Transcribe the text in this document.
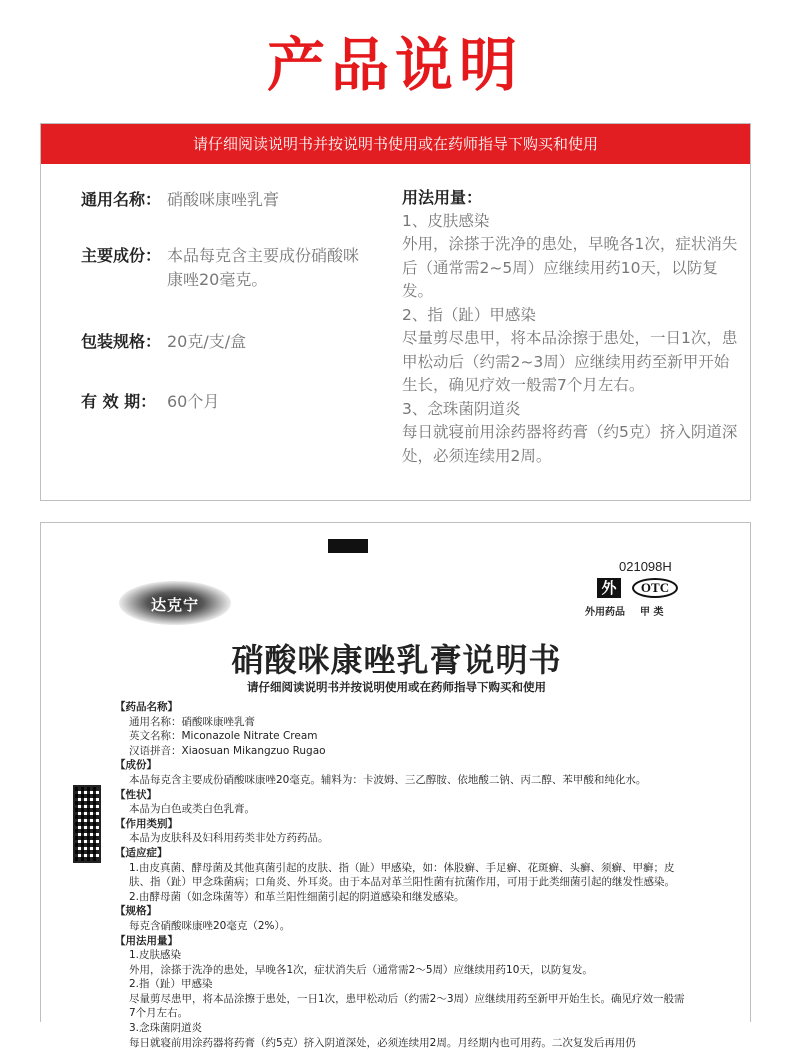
产品说明
请仔细阅读说明书并按说明书使用或在药师指导下购买和使用
通用名称： 硝酸咪康唑乳膏
主要成份： 本品每克含主要成份硝酸咪康唑20毫克。
包装规格： 20克/支/盒
有 效 期： 60个月
用法用量：
1、皮肤感染
外用，涂搽于洗净的患处，早晚各1次，症状消失后（通常需2~5周）应继续用药10天，以防复发。
2、指（趾）甲感染
尽量剪尽患甲，将本品涂擦于患处，一日1次，患甲松动后（约需2~3周）应继续用药至新甲开始生长，确见疗效一般需7个月左右。
3、念珠菌阴道炎
每日就寝前用涂药器将药膏（约5克）挤入阴道深处，必须连续用2周。
021098H
外	OTC
外用药品 甲 类
达克宁
硝酸咪康唑乳膏说明书
请仔细阅读说明书并按说明使用或在药师指导下购买和使用
【药品名称】
通用名称：硝酸咪康唑乳膏
英文名称：Miconazole Nitrate Cream
汉语拼音：Xiaosuan Mikangzuo Rugao
【成份】
本品每克含主要成份硝酸咪康唑20毫克。辅料为：卡波姆、三乙醇胺、依地酸二钠、丙二醇、苯甲酸和纯化水。
【性状】
本品为白色或类白色乳膏。
【作用类别】
本品为皮肤科及妇科用药类非处方药药品。
【适应症】
1.由皮真菌、酵母菌及其他真菌引起的皮肤、指（趾）甲感染，如：体股癣、手足癣、花斑癣、头癣、须癣、甲癣；皮肤、指（趾）甲念珠菌病；口角炎、外耳炎。由于本品对革兰阳性菌有抗菌作用，可用于此类细菌引起的继发性感染。
2.由酵母菌（如念珠菌等）和革兰阳性细菌引起的阴道感染和继发感染。
【规格】
每克含硝酸咪康唑20毫克（2%）。
【用法用量】
1.皮肤感染
外用，涂搽于洗净的患处，早晚各1次，症状消失后（通常需2～5周）应继续用药10天，以防复发。
2.指（趾）甲感染
尽量剪尽患甲，将本品涂擦于患处，一日1次，患甲松动后（约需2～3周）应继续用药至新甲开始生长。确见疗效一般需7个月左右。
3.念珠菌阴道炎
每日就寝前用涂药器将药膏（约5克）挤入阴道深处，必须连续用2周。月经期内也可用药。二次复发后再用仍
